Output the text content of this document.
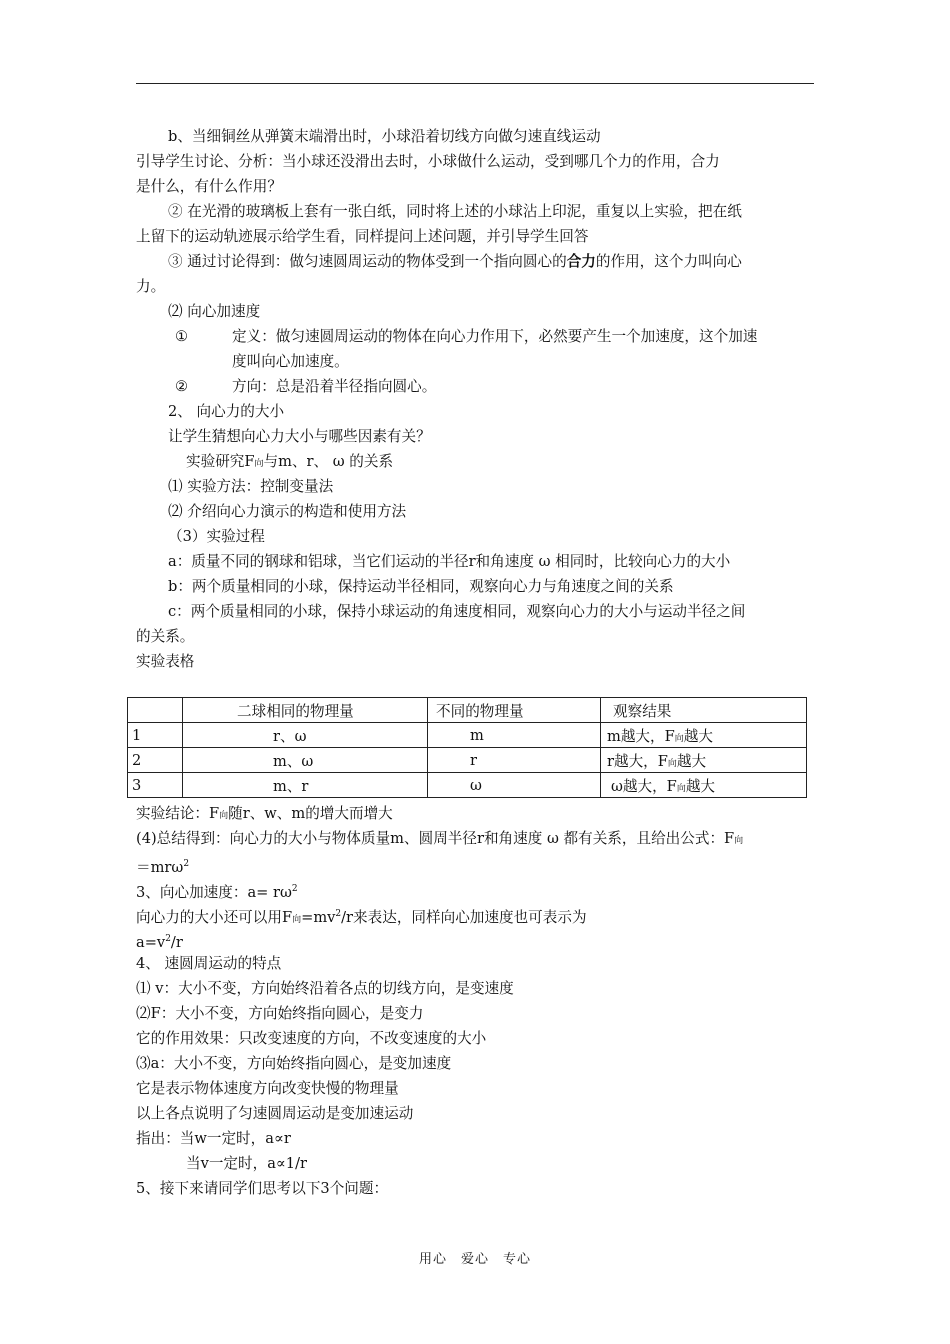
b、当细铜丝从弹簧末端滑出时，小球沿着切线方向做匀速直线运动
引导学生讨论、分析：当小球还没滑出去时，小球做什么运动，受到哪几个力的作用，合力
是什么，有什么作用？
② 在光滑的玻璃板上套有一张白纸，同时将上述的小球沾上印泥，重复以上实验，把在纸
上留下的运动轨迹展示给学生看，同样提问上述问题，并引导学生回答
③ 通过讨论得到：做匀速圆周运动的物体受到一个指向圆心的合力的作用，这个力叫向心
力。
⑵ 向心加速度
①	定义：做匀速圆周运动的物体在向心力作用下，必然要产生一个加速度，这个加速
度叫向心加速度。
②	方向：总是沿着半径指向圆心。
2、 向心力的大小
让学生猜想向心力大小与哪些因素有关？
实验研究F向与m、r、 ω 的关系
⑴ 实验方法：控制变量法
⑵ 介绍向心力演示的构造和使用方法
（3）实验过程
a：质量不同的钢球和铝球，当它们运动的半径r和角速度 ω 相同时，比较向心力的大小
b：两个质量相同的小球，保持运动半径相同，观察向心力与角速度之间的关系
c：两个质量相同的小球，保持小球运动的角速度相同，观察向心力的大小与运动半径之间
的关系。
实验表格
	二球相同的物理量	不同的物理量	观察结果
1	r、ω	m	m越大，F向越大
2	m、ω	r	r越大，F向越大
3	m、r	ω	ω越大，F向越大
实验结论：F向随r、w、m的增大而增大
(4)总结得到：向心力的大小与物体质量m、圆周半径r和角速度 ω 都有关系，且给出公式：F向
＝mrω$^2$
3、向心加速度：$a= r\omega^2$
向心力的大小还可以用F向$=mv^2/r$来表达，同样向心加速度也可表示为
$a=v^2/r$
4、 速圆周运动的特点
⑴ v：大小不变，方向始终沿着各点的切线方向，是变速度
⑵F：大小不变，方向始终指向圆心，是变力
它的作用效果：只改变速度的方向，不改变速度的大小
⑶a：大小不变，方向始终指向圆心，是变加速度
它是表示物体速度方向改变快慢的物理量
以上各点说明了匀速圆周运动是变加速运动
指出：当w一定时，a∝r
当v一定时，a∝1/r
5、接下来请同学们思考以下3个问题：
用心　爱心　专心
